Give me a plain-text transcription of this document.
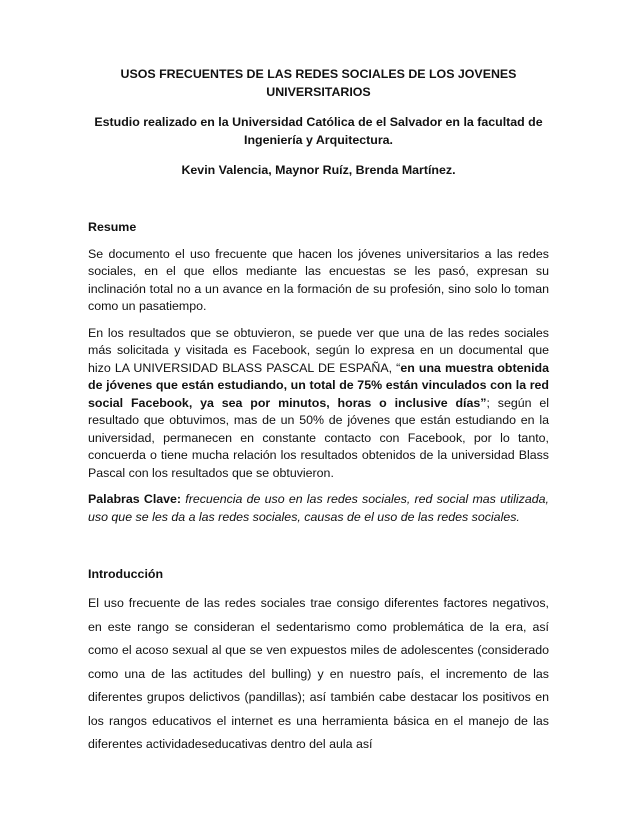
USOS FRECUENTES DE LAS REDES SOCIALES DE LOS JOVENES UNIVERSITARIOS
Estudio realizado en la Universidad Católica de el Salvador en la facultad de Ingeniería y Arquitectura.
Kevin Valencia, Maynor Ruíz, Brenda Martínez.
Resume

Se documento el uso frecuente que hacen los jóvenes universitarios a las redes sociales, en el que ellos mediante las encuestas se les pasó, expresan su inclinación total no a un avance en la formación de su profesión, sino solo lo toman como un pasatiempo.

En los resultados que se obtuvieron, se puede ver que una de las redes sociales más solicitada y visitada es Facebook, según lo expresa en un documental que hizo LA UNIVERSIDAD BLASS PASCAL DE ESPAÑA, “en una muestra obtenida de jóvenes que están estudiando, un total de 75% están vinculados con la red social Facebook, ya sea por minutos, horas o inclusive días”; según el resultado que obtuvimos, mas de un 50% de jóvenes que están estudiando en la universidad, permanecen en constante contacto con Facebook, por lo tanto, concuerda o tiene mucha relación los resultados obtenidos de la universidad Blass Pascal con los resultados que se obtuvieron.

Palabras Clave: frecuencia de uso en las redes sociales, red social mas utilizada, uso que se les da a las redes sociales, causas de el uso de las redes sociales.

Introducción

El uso frecuente de las redes sociales trae consigo diferentes factores negativos, en este rango se consideran el sedentarismo como problemática de la era, así como el acoso sexual al que se ven expuestos miles de adolescentes (considerado como una de las actitudes del bulling) y en nuestro país, el incremento de las diferentes grupos delictivos (pandillas); así también cabe destacar los positivos en los rangos educativos el internet es una herramienta básica en el manejo de las diferentes actividadeseducativas dentro del aula así
